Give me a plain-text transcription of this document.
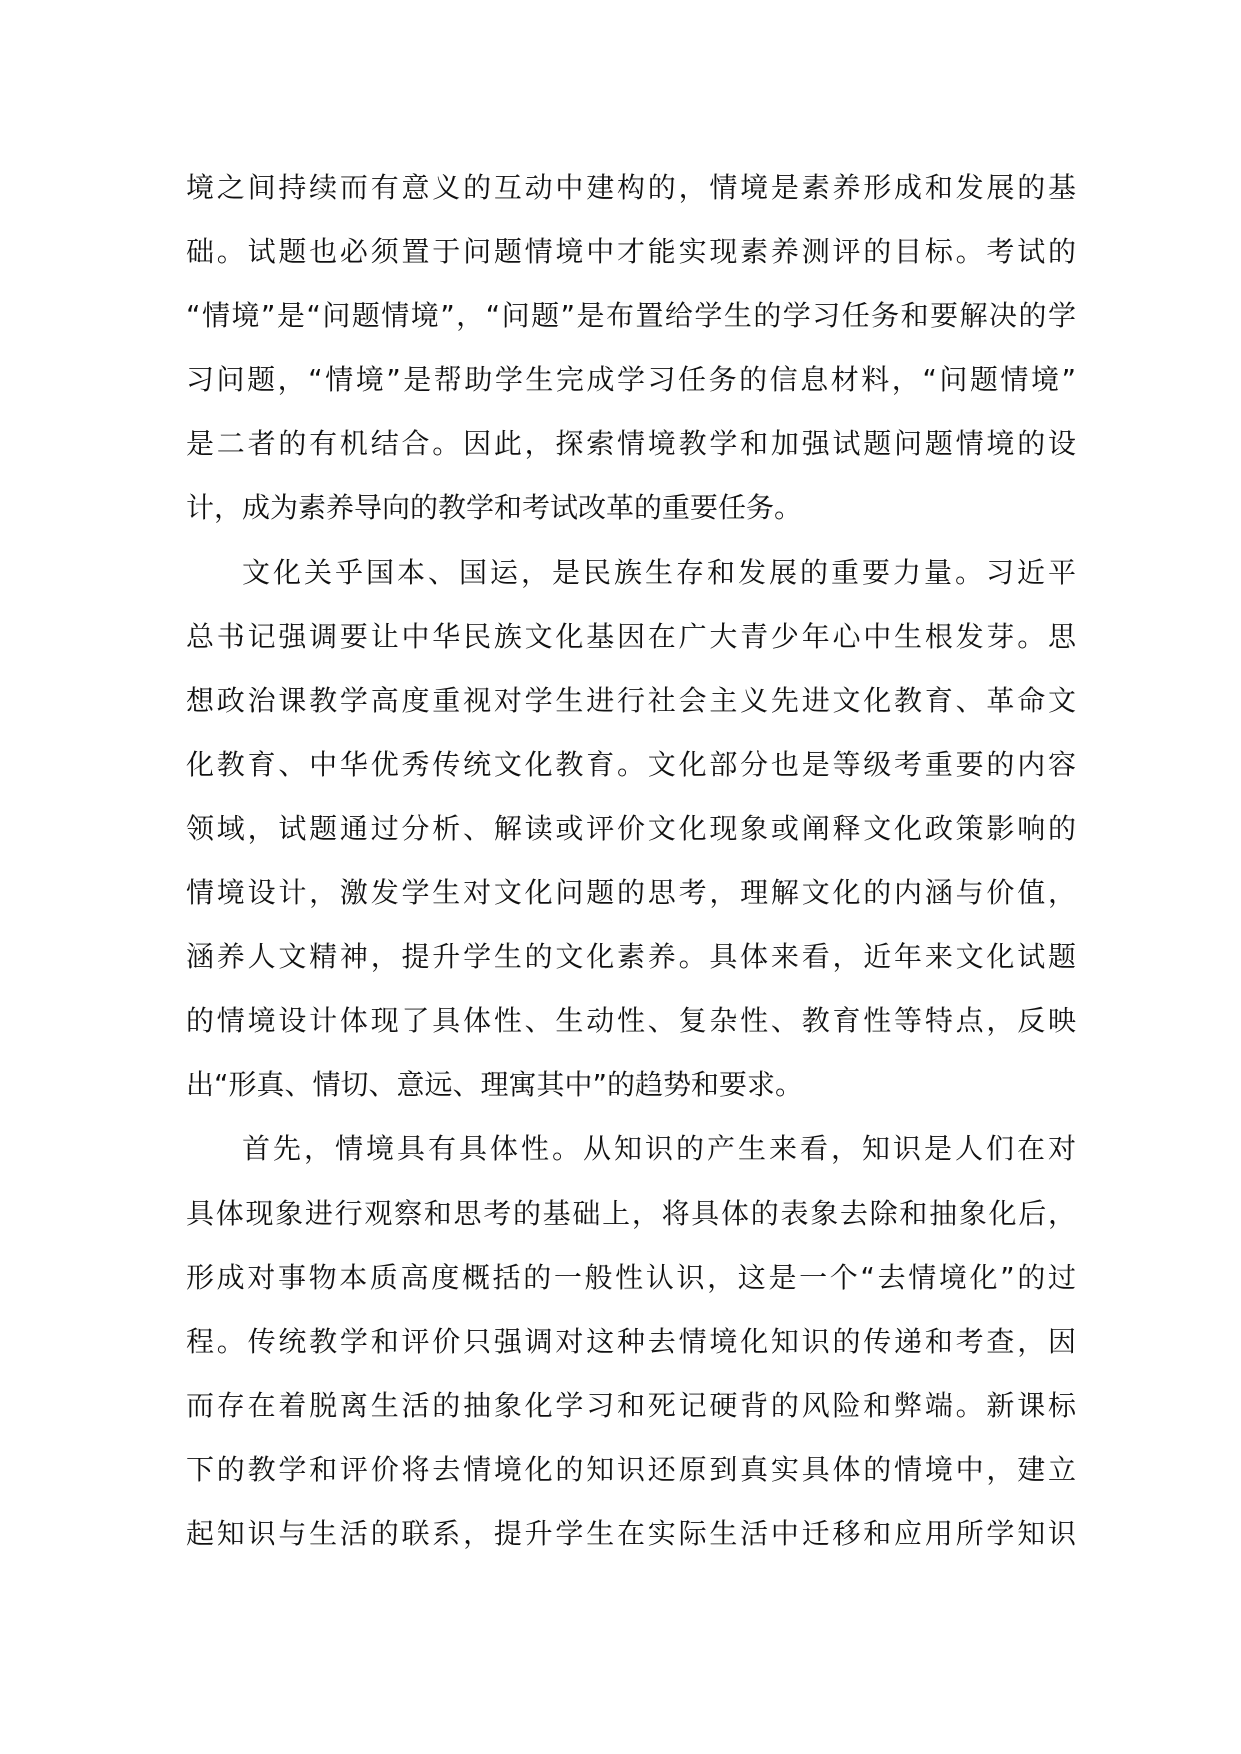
境之间持续而有意义的互动中建构的，情境是素养形成和发展的基
础。试题也必须置于问题情境中才能实现素养测评的目标。考试的
“情境”是“问题情境”，“问题”是布置给学生的学习任务和要解决的学
习问题，“情境”是帮助学生完成学习任务的信息材料，“问题情境”
是二者的有机结合。因此，探索情境教学和加强试题问题情境的设
计，成为素养导向的教学和考试改革的重要任务。
文化关乎国本、国运，是民族生存和发展的重要力量。习近平
总书记强调要让中华民族文化基因在广大青少年心中生根发芽。思
想政治课教学高度重视对学生进行社会主义先进文化教育、革命文
化教育、中华优秀传统文化教育。文化部分也是等级考重要的内容
领域，试题通过分析、解读或评价文化现象或阐释文化政策影响的
情境设计，激发学生对文化问题的思考，理解文化的内涵与价值，
涵养人文精神，提升学生的文化素养。具体来看，近年来文化试题
的情境设计体现了具体性、生动性、复杂性、教育性等特点，反映
出“形真、情切、意远、理寓其中”的趋势和要求。
首先，情境具有具体性。从知识的产生来看，知识是人们在对
具体现象进行观察和思考的基础上，将具体的表象去除和抽象化后，
形成对事物本质高度概括的一般性认识，这是一个“去情境化”的过
程。传统教学和评价只强调对这种去情境化知识的传递和考查，因
而存在着脱离生活的抽象化学习和死记硬背的风险和弊端。新课标
下的教学和评价将去情境化的知识还原到真实具体的情境中，建立
起知识与生活的联系，提升学生在实际生活中迁移和应用所学知识
